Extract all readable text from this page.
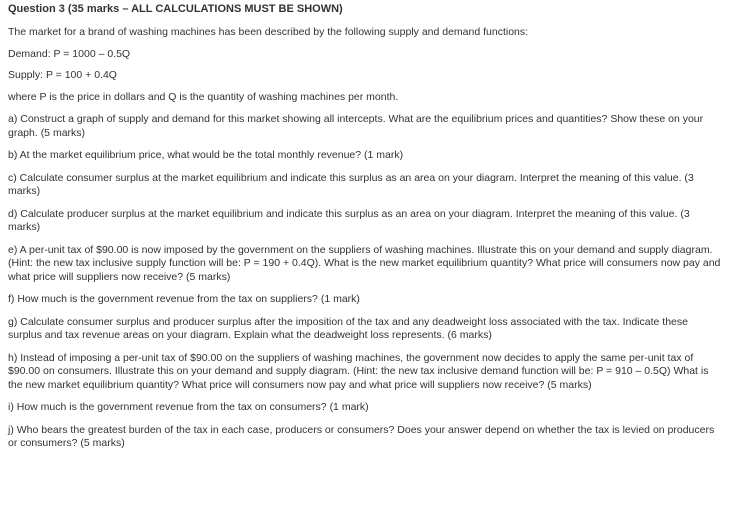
Question 3 (35 marks – ALL CALCULATIONS MUST BE SHOWN)
The market for a brand of washing machines has been described by the following supply and demand functions:
Demand: P = 1000 – 0.5Q
Supply: P = 100 + 0.4Q
where P is the price in dollars and Q is the quantity of washing machines per month.
a) Construct a graph of supply and demand for this market showing all intercepts. What are the equilibrium prices and quantities? Show these on your graph. (5 marks)
b) At the market equilibrium price, what would be the total monthly revenue? (1 mark)
c) Calculate consumer surplus at the market equilibrium and indicate this surplus as an area on your diagram. Interpret the meaning of this value. (3 marks)
d) Calculate producer surplus at the market equilibrium and indicate this surplus as an area on your diagram. Interpret the meaning of this value. (3 marks)
e) A per-unit tax of $90.00 is now imposed by the government on the suppliers of washing machines. Illustrate this on your demand and supply diagram. (Hint: the new tax inclusive supply function will be: P = 190 + 0.4Q). What is the new market equilibrium quantity? What price will consumers now pay and what price will suppliers now receive? (5 marks)
f) How much is the government revenue from the tax on suppliers? (1 mark)
g) Calculate consumer surplus and producer surplus after the imposition of the tax and any deadweight loss associated with the tax. Indicate these surplus and tax revenue areas on your diagram. Explain what the deadweight loss represents. (6 marks)
h) Instead of imposing a per-unit tax of $90.00 on the suppliers of washing machines, the government now decides to apply the same per-unit tax of $90.00 on consumers. Illustrate this on your demand and supply diagram. (Hint: the new tax inclusive demand function will be: P = 910 – 0.5Q) What is the new market equilibrium quantity? What price will consumers now pay and what price will suppliers now receive? (5 marks)
i) How much is the government revenue from the tax on consumers? (1 mark)
j) Who bears the greatest burden of the tax in each case, producers or consumers? Does your answer depend on whether the tax is levied on producers or consumers? (5 marks)
